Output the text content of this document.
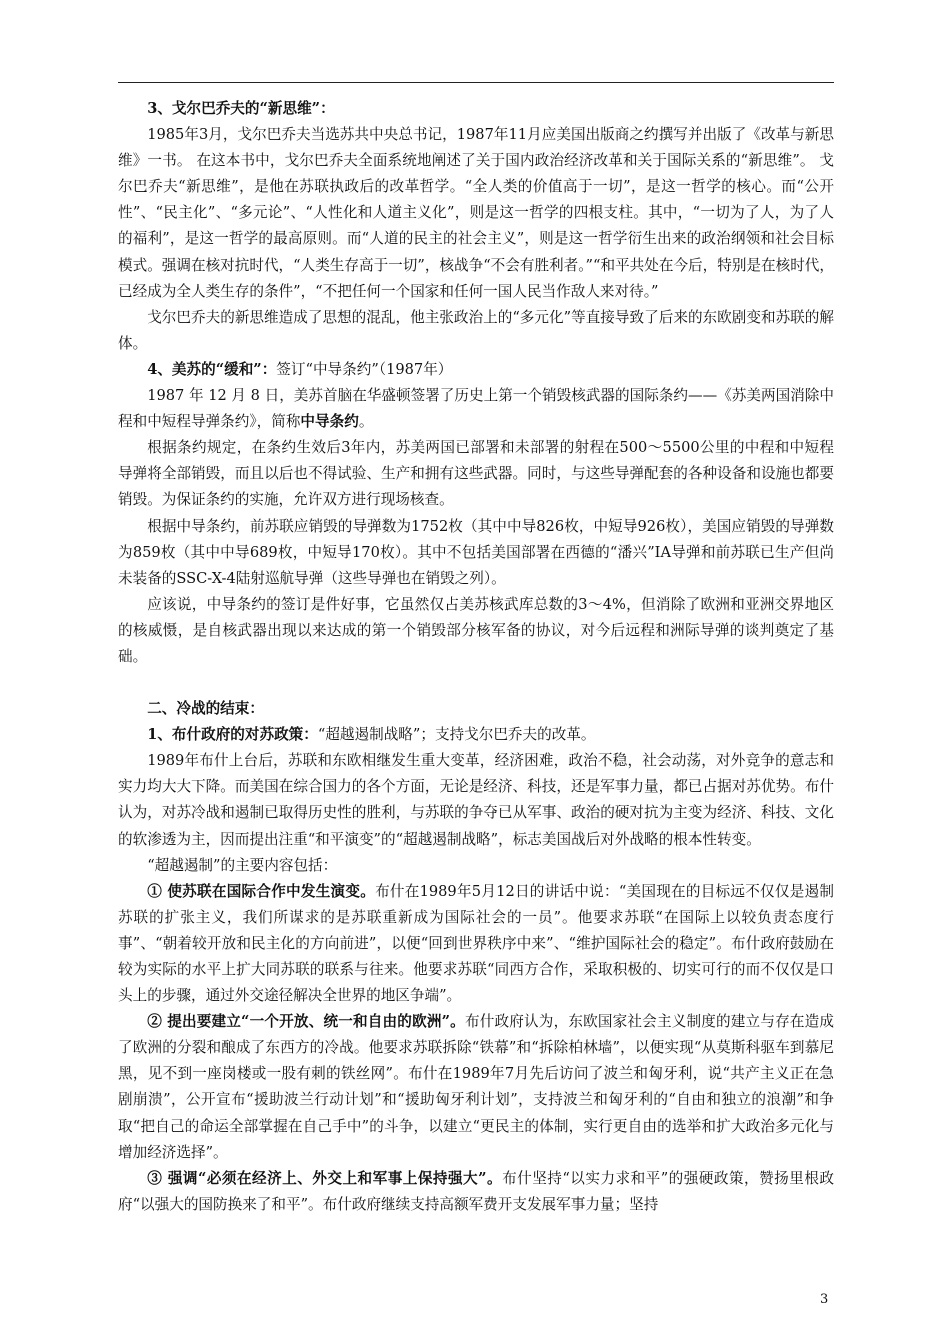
3、戈尔巴乔夫的“新思维”：

1985年3月，戈尔巴乔夫当选苏共中央总书记，1987年11月应美国出版商之约撰写并出版了《改革与新思维》一书。 在这本书中，戈尔巴乔夫全面系统地阐述了关于国内政治经济改革和关于国际关系的“新思维”。 戈尔巴乔夫“新思维”，是他在苏联执政后的改革哲学。“全人类的价值高于一切”，是这一哲学的核心。而“公开性”、“民主化”、“多元论”、“人性化和人道主义化”，则是这一哲学的四根支柱。其中，“一切为了人，为了人的福利”，是这一哲学的最高原则。而“人道的民主的社会主义”，则是这一哲学衍生出来的政治纲领和社会目标模式。强调在核对抗时代，“人类生存高于一切”，核战争“不会有胜利者。”“和平共处在今后，特别是在核时代，已经成为全人类生存的条件”，“不把任何一个国家和任何一国人民当作敌人来对待。”

戈尔巴乔夫的新思维造成了思想的混乱，他主张政治上的“多元化”等直接导致了后来的东欧剧变和苏联的解体。

4、美苏的“缓和”：签订“中导条约”（1987年）

1987 年 12 月 8 日，美苏首脑在华盛顿签署了历史上第一个销毁核武器的国际条约——《苏美两国消除中程和中短程导弹条约》，简称中导条约。

根据条约规定，在条约生效后3年内，苏美两国已部署和未部署的射程在500～5500公里的中程和中短程导弹将全部销毁，而且以后也不得试验、生产和拥有这些武器。同时，与这些导弹配套的各种设备和设施也都要销毁。为保证条约的实施，允许双方进行现场核查。

根据中导条约，前苏联应销毁的导弹数为1752枚（其中中导826枚，中短导926枚），美国应销毁的导弹数为859枚（其中中导689枚，中短导170枚）。其中不包括美国部署在西德的“潘兴”IA导弹和前苏联已生产但尚未装备的SSC-X-4陆射巡航导弹（这些导弹也在销毁之列）。

应该说，中导条约的签订是件好事，它虽然仅占美苏核武库总数的3～4%，但消除了欧洲和亚洲交界地区的核威慑，是自核武器出现以来达成的第一个销毁部分核军备的协议，对今后远程和洲际导弹的谈判奠定了基础。

二、冷战的结束：

1、布什政府的对苏政策：“超越遏制战略”；支持戈尔巴乔夫的改革。

1989年布什上台后，苏联和东欧相继发生重大变革，经济困难，政治不稳，社会动荡，对外竞争的意志和实力均大大下降。而美国在综合国力的各个方面，无论是经济、科技，还是军事力量，都已占据对苏优势。布什认为，对苏冷战和遏制已取得历史性的胜利，与苏联的争夺已从军事、政治的硬对抗为主变为经济、科技、文化的软渗透为主，因而提出注重“和平演变”的“超越遏制战略”，标志美国战后对外战略的根本性转变。

“超越遏制”的主要内容包括：

① 使苏联在国际合作中发生演变。布什在1989年5月12日的讲话中说：“美国现在的目标远不仅仅是遏制苏联的扩张主义，我们所谋求的是苏联重新成为国际社会的一员”。他要求苏联“在国际上以较负责态度行事”、“朝着较开放和民主化的方向前进”，以便“回到世界秩序中来”、“维护国际社会的稳定”。布什政府鼓励在较为实际的水平上扩大同苏联的联系与往来。他要求苏联“同西方合作，采取积极的、切实可行的而不仅仅是口头上的步骤，通过外交途径解决全世界的地区争端”。

② 提出要建立“一个开放、统一和自由的欧洲”。布什政府认为，东欧国家社会主义制度的建立与存在造成了欧洲的分裂和酿成了东西方的冷战。他要求苏联拆除“铁幕”和“拆除柏林墙”，以便实现“从莫斯科驱车到慕尼黑，见不到一座岗楼或一股有刺的铁丝网”。布什在1989年7月先后访问了波兰和匈牙利，说“共产主义正在急剧崩溃”，公开宣布“援助波兰行动计划”和“援助匈牙利计划”，支持波兰和匈牙利的“自由和独立的浪潮”和争取“把自己的命运全部掌握在自己手中”的斗争，以建立“更民主的体制，实行更自由的选举和扩大政治多元化与增加经济选择”。

③ 强调“必须在经济上、外交上和军事上保持强大”。布什坚持“以实力求和平”的强硬政策，赞扬里根政府“以强大的国防换来了和平”。布什政府继续支持高额军费开支发展军事力量；坚持

3
